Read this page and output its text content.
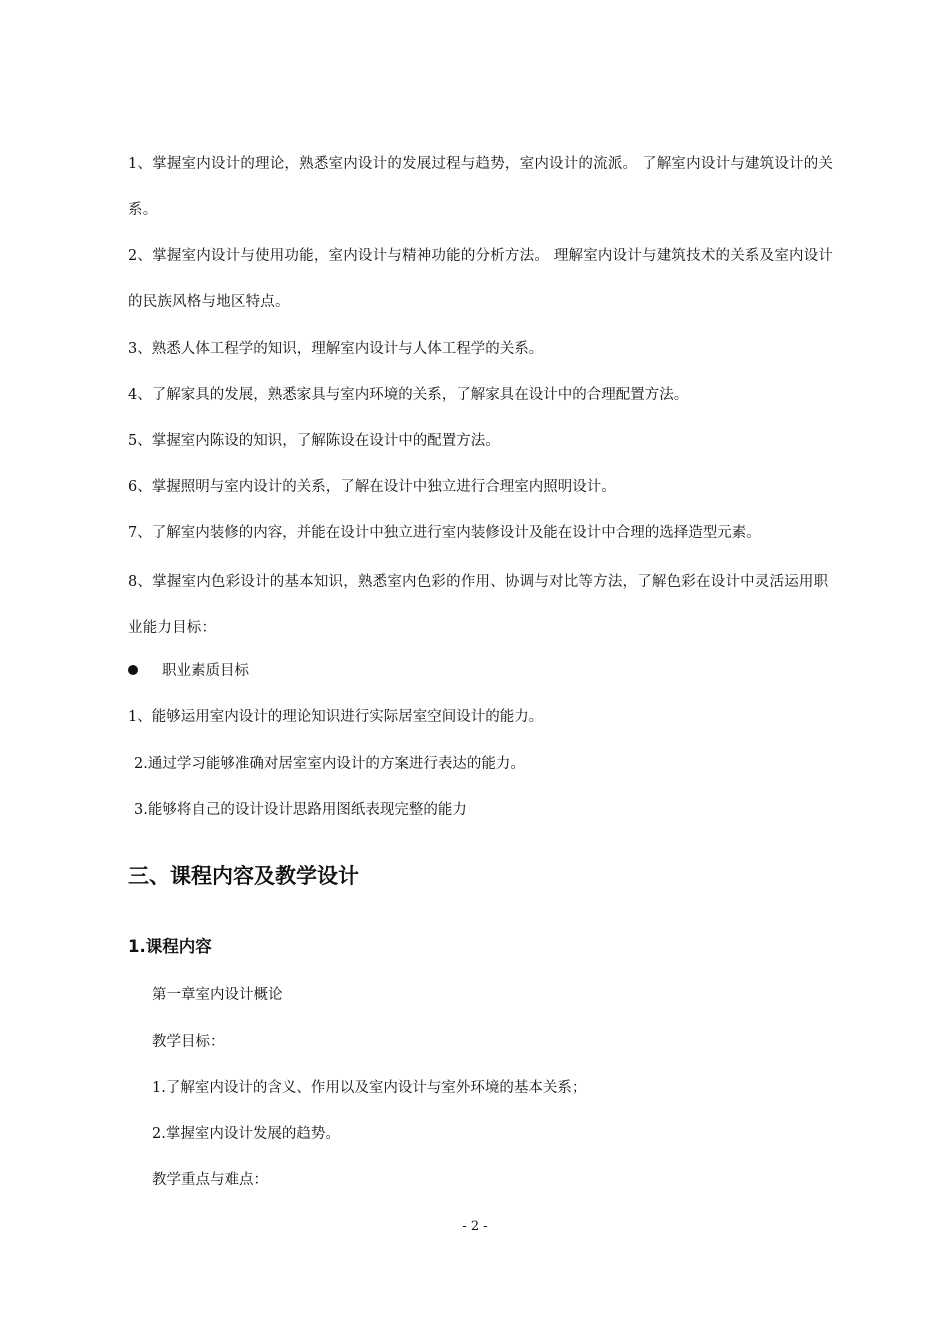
1、掌握室内设计的理论，熟悉室内设计的发展过程与趋势，室内设计的流派。 了解室内设计与建筑设计的关系。

2、掌握室内设计与使用功能，室内设计与精神功能的分析方法。 理解室内设计与建筑技术的关系及室内设计的民族风格与地区特点。

3、熟悉人体工程学的知识，理解室内设计与人体工程学的关系。

4、了解家具的发展，熟悉家具与室内环境的关系，了解家具在设计中的合理配置方法。

5、掌握室内陈设的知识，了解陈设在设计中的配置方法。

6、掌握照明与室内设计的关系，了解在设计中独立进行合理室内照明设计。

7、了解室内装修的内容，并能在设计中独立进行室内装修设计及能在设计中合理的选择造型元素。

8、掌握室内色彩设计的基本知识，熟悉室内色彩的作用、协调与对比等方法，了解色彩在设计中灵活运用职业能力目标：

职业素质目标

1、能够运用室内设计的理论知识进行实际居室空间设计的能力。

2.通过学习能够准确对居室室内设计的方案进行表达的能力。

3.能够将自己的设计设计思路用图纸表现完整的能力

三、课程内容及教学设计
1.课程内容

第一章室内设计概论

教学目标：

1.了解室内设计的含义、作用以及室内设计与室外环境的基本关系；

2.掌握室内设计发展的趋势。

教学重点与难点：

- 2 -
